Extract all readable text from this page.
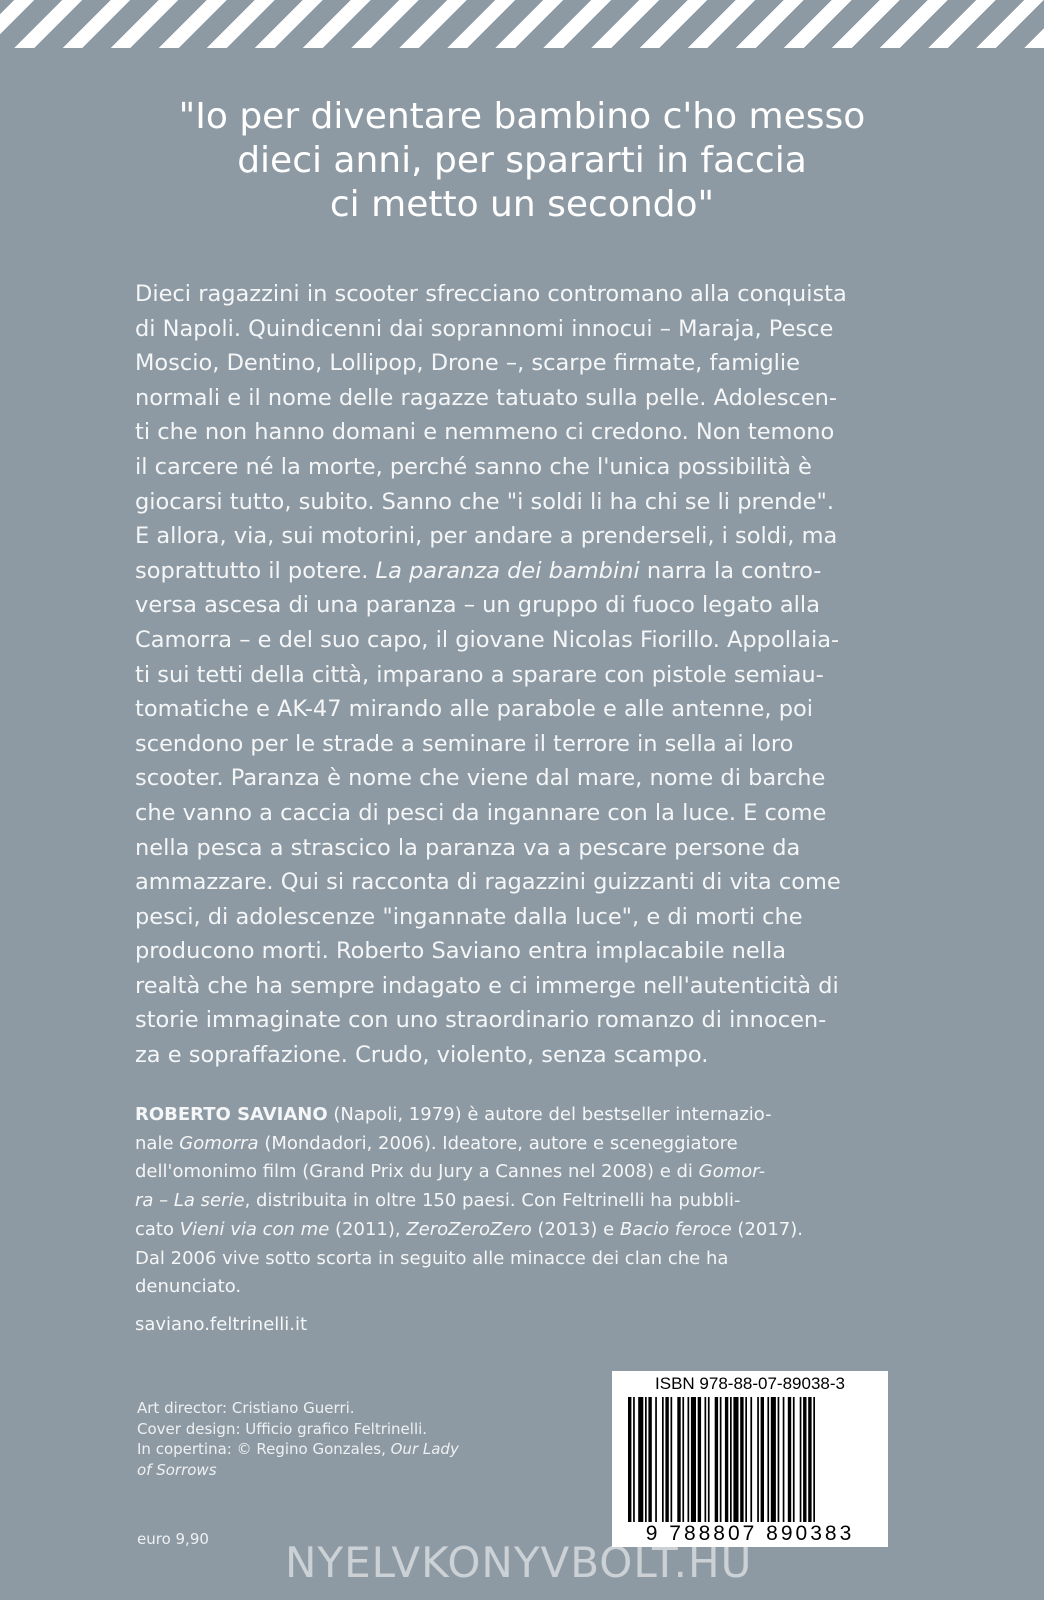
"Io per diventare bambino c'ho messo
dieci anni, per spararti in faccia
ci metto un secondo"
Dieci ragazzini in scooter sfrecciano contromano alla conquista
di Napoli. Quindicenni dai soprannomi innocui – Maraja, Pesce
Moscio, Dentino, Lollipop, Drone –, scarpe firmate, famiglie
normali e il nome delle ragazze tatuato sulla pelle. Adolescen-
ti che non hanno domani e nemmeno ci credono. Non temono
il carcere né la morte, perché sanno che l'unica possibilità è
giocarsi tutto, subito. Sanno che "i soldi li ha chi se li prende".
E allora, via, sui motorini, per andare a prenderseli, i soldi, ma
soprattutto il potere. La paranza dei bambini narra la contro-
versa ascesa di una paranza – un gruppo di fuoco legato alla
Camorra – e del suo capo, il giovane Nicolas Fiorillo. Appollaia-
ti sui tetti della città, imparano a sparare con pistole semiau-
tomatiche e AK-47 mirando alle parabole e alle antenne, poi
scendono per le strade a seminare il terrore in sella ai loro
scooter. Paranza è nome che viene dal mare, nome di barche
che vanno a caccia di pesci da ingannare con la luce. E come
nella pesca a strascico la paranza va a pescare persone da
ammazzare. Qui si racconta di ragazzini guizzanti di vita come
pesci, di adolescenze "ingannate dalla luce", e di morti che
producono morti. Roberto Saviano entra implacabile nella
realtà che ha sempre indagato e ci immerge nell'autenticità di
storie immaginate con uno straordinario romanzo di innocen-
za e sopraffazione. Crudo, violento, senza scampo.
ROBERTO SAVIANO (Napoli, 1979) è autore del bestseller internazio-
nale Gomorra (Mondadori, 2006). Ideatore, autore e sceneggiatore
dell'omonimo film (Grand Prix du Jury a Cannes nel 2008) e di Gomor-
ra – La serie, distribuita in oltre 150 paesi. Con Feltrinelli ha pubbli-
cato Vieni via con me (2011), ZeroZeroZero (2013) e Bacio feroce (2017).
Dal 2006 vive sotto scorta in seguito alle minacce dei clan che ha
denunciato.
saviano.feltrinelli.it
Art director: Cristiano Guerri.
Cover design: Ufficio grafico Feltrinelli.
In copertina: © Regino Gonzales, Our Lady
of Sorrows
euro 9,90
ISBN 978-88-07-89038-3
9 788807 890383
NYELVKONYVBOLT.HU
